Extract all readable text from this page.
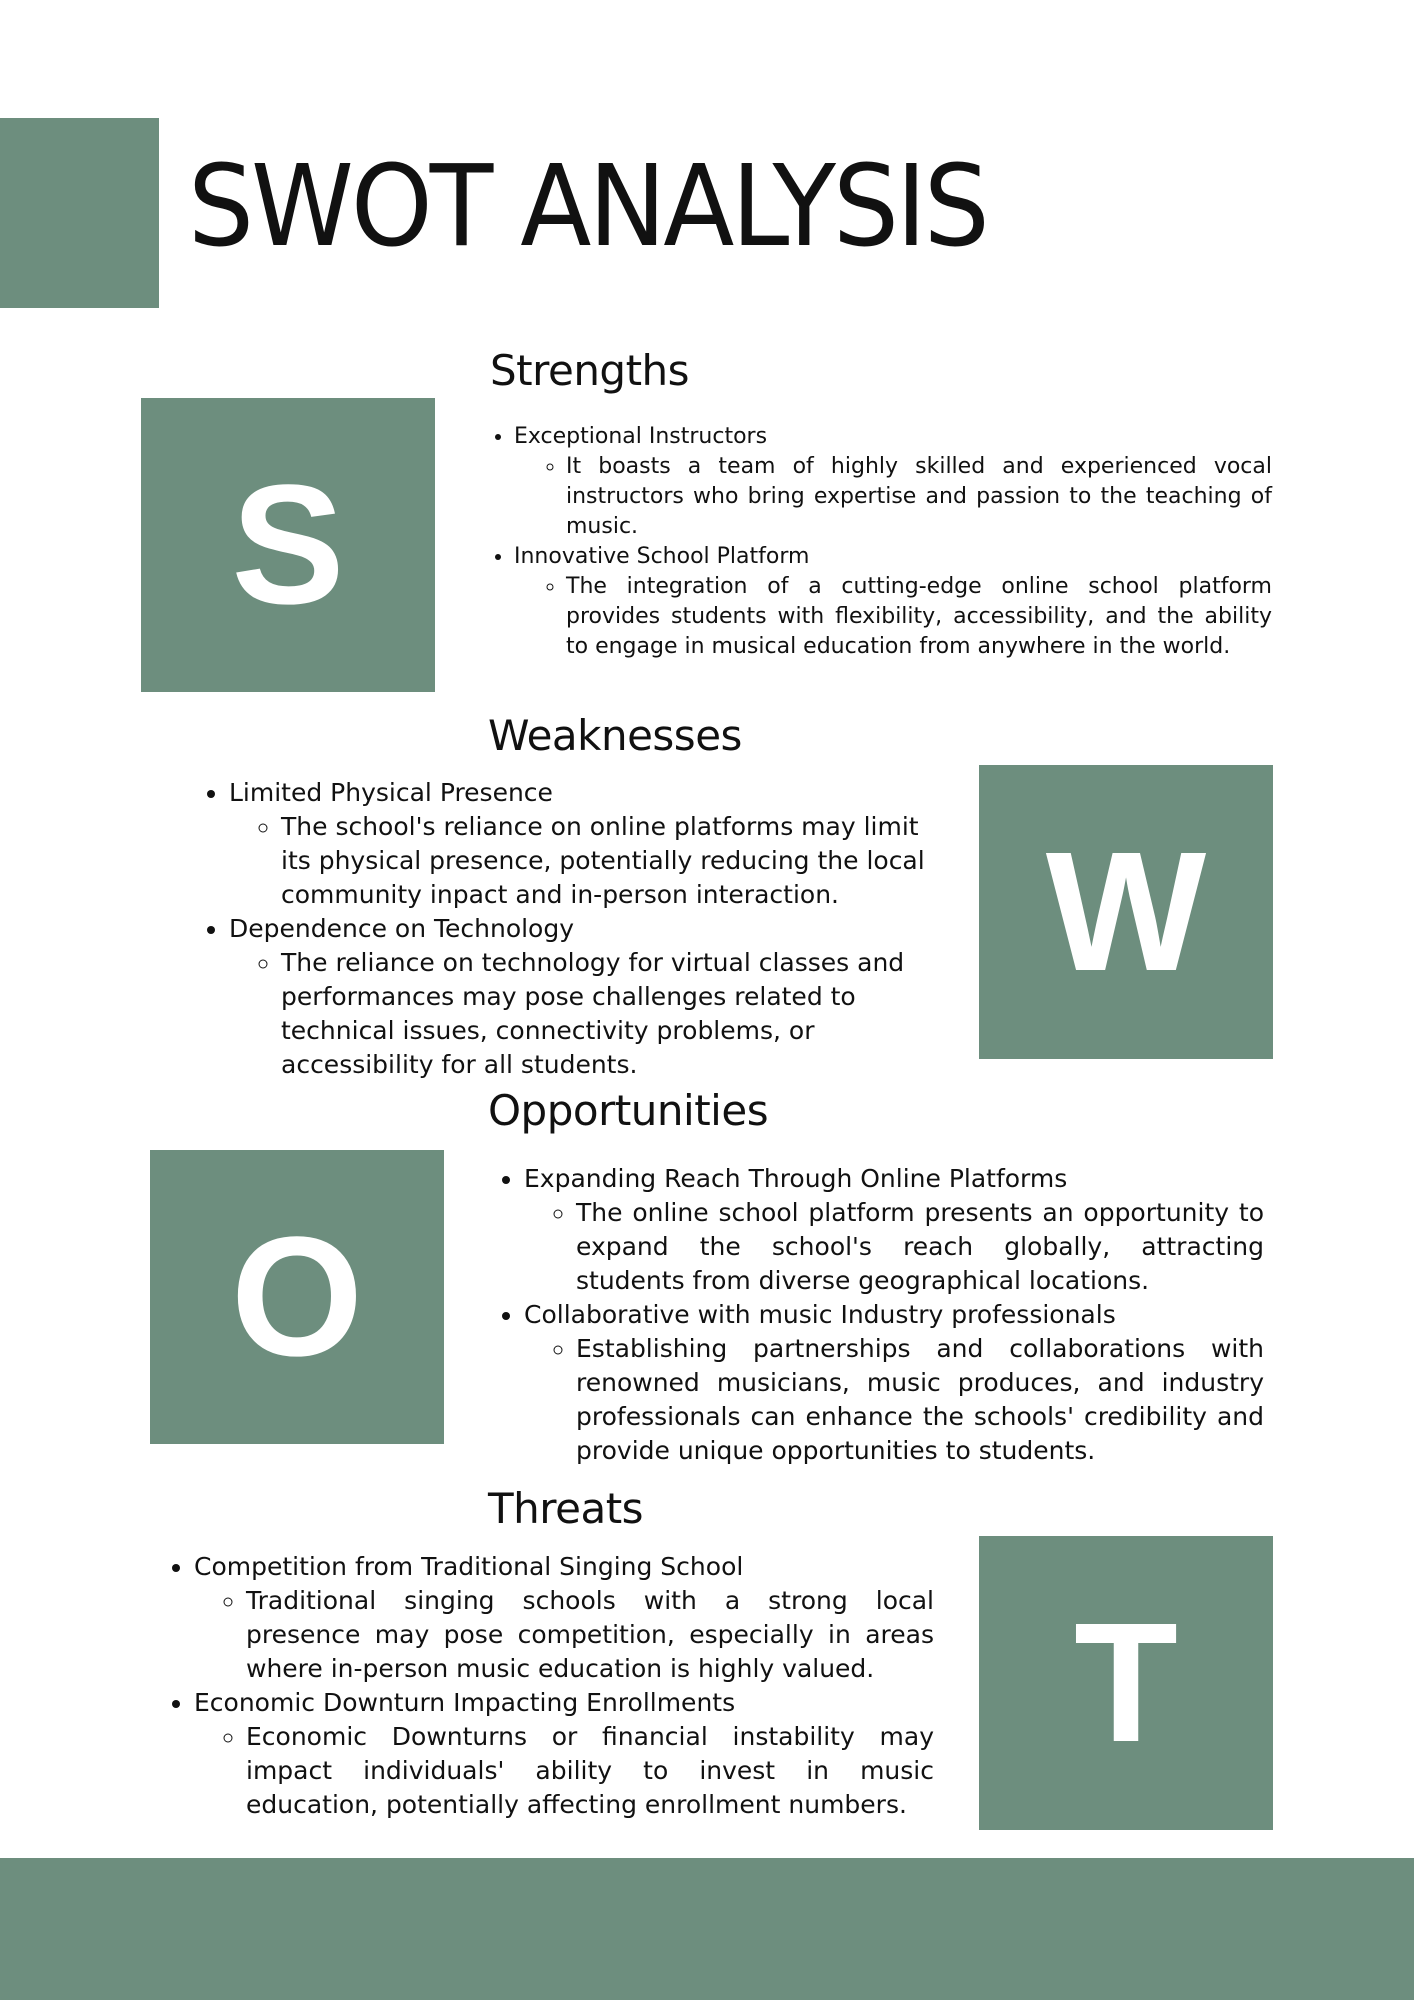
SWOT ANALYSIS
Strengths
S
• Exceptional Instructors
◦ It boasts a team of highly skilled and experienced vocal instructors who bring expertise and passion to the teaching of music.
• Innovative School Platform
◦ The integration of a cutting-edge online school platform provides students with flexibility, accessibility, and the ability to engage in musical education from anywhere in the world.
Weaknesses
W
• Limited Physical Presence
◦ The school's reliance on online platforms may limit its physical presence, potentially reducing the local community inpact and in-person interaction.
• Dependence on Technology
◦ The reliance on technology for virtual classes and performances may pose challenges related to technical issues, connectivity problems, or accessibility for all students.
Opportunities
O
• Expanding Reach Through Online Platforms
◦ The online school platform presents an opportunity to expand the school's reach globally, attracting students from diverse geographical locations.
• Collaborative with music Industry professionals
◦ Establishing partnerships and collaborations with renowned musicians, music produces, and industry professionals can enhance the schools' credibility and provide unique opportunities to students.
Threats
T
• Competition from Traditional Singing School
◦ Traditional singing schools with a strong local presence may pose competition, especially in areas where in-person music education is highly valued.
• Economic Downturn Impacting Enrollments
◦ Economic Downturns or financial instability may impact individuals' ability to invest in music education, potentially affecting enrollment numbers.
